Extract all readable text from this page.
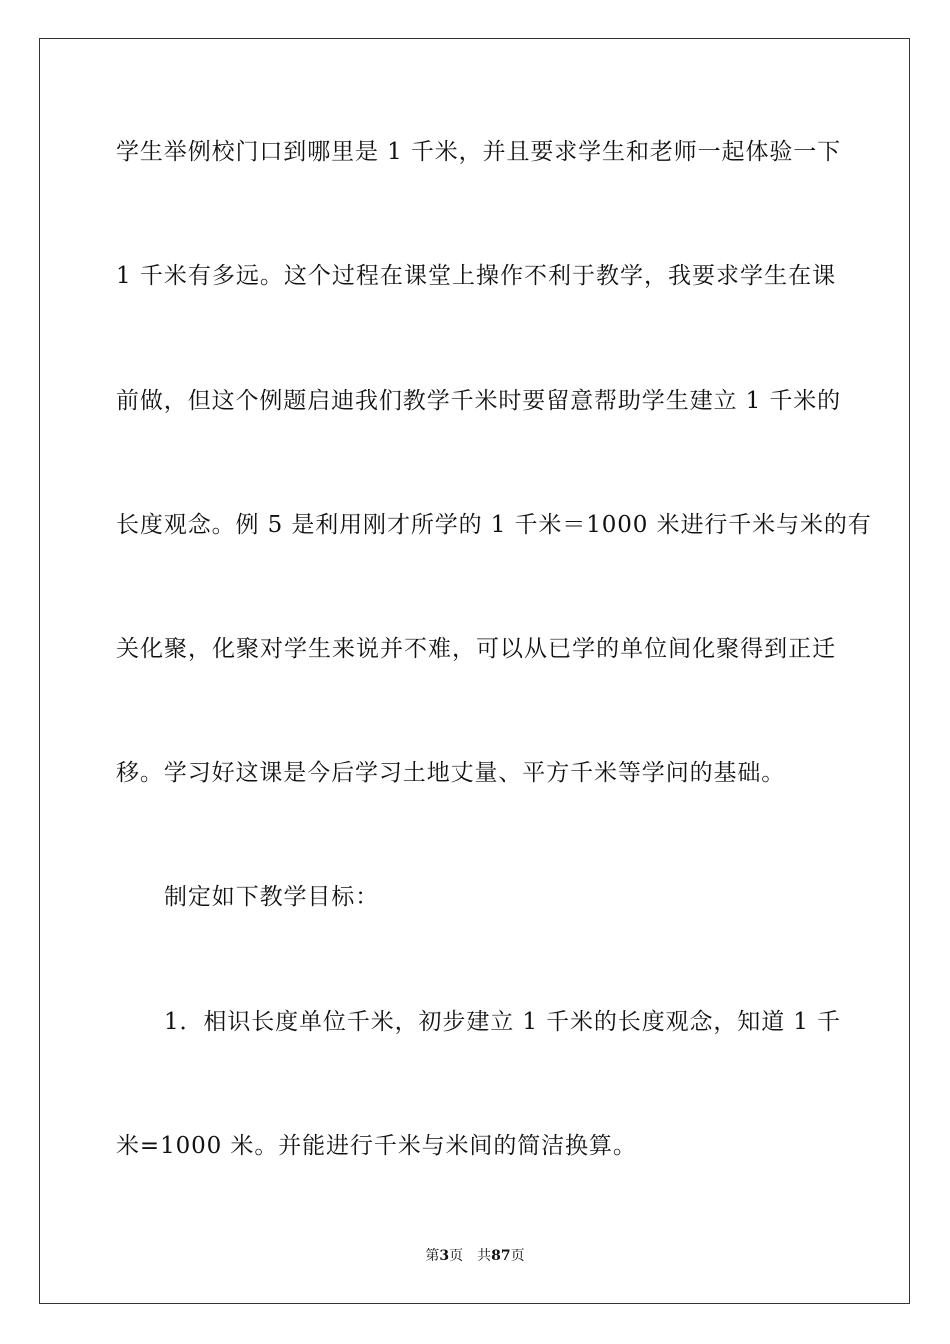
学生举例校门口到哪里是 1 千米，并且要求学生和老师一起体验一下
1 千米有多远。这个过程在课堂上操作不利于教学，我要求学生在课
前做，但这个例题启迪我们教学千米时要留意帮助学生建立 1 千米的
长度观念。例 5 是利用刚才所学的 1 千米＝1000 米进行千米与米的有
关化聚，化聚对学生来说并不难，可以从已学的单位间化聚得到正迁
移。学习好这课是今后学习土地丈量、平方千米等学问的基础。
制定如下教学目标：
1．相识长度单位千米，初步建立 1 千米的长度观念，知道 1 千
米=1000 米。并能进行千米与米间的简洁换算。
第3页 共87页
